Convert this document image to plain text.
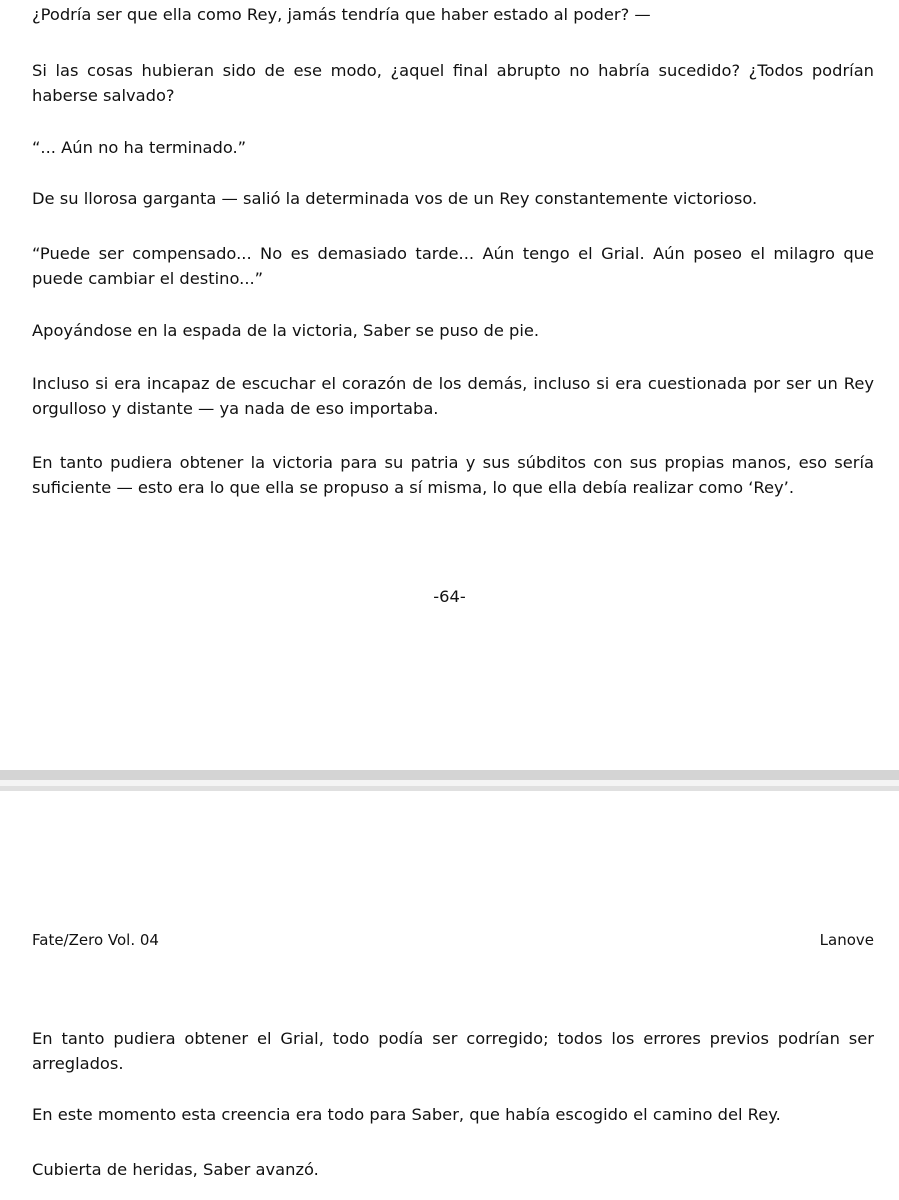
¿Podría ser que ella como Rey, jamás tendría que haber estado al poder? —

Si las cosas hubieran sido de ese modo, ¿aquel final abrupto no habría sucedido? ¿Todos podrían haberse salvado?

“... Aún no ha terminado.”

De su llorosa garganta — salió la determinada vos de un Rey constantemente victorioso.

“Puede ser compensado... No es demasiado tarde... Aún tengo el Grial. Aún poseo el milagro que puede cambiar el destino...”

Apoyándose en la espada de la victoria, Saber se puso de pie.

Incluso si era incapaz de escuchar el corazón de los demás, incluso si era cuestionada por ser un Rey orgulloso y distante — ya nada de eso importaba.

En tanto pudiera obtener la victoria para su patria y sus súbditos con sus propias manos, eso sería suficiente — esto era lo que ella se propuso a sí misma, lo que ella debía realizar como ‘Rey’.

-64-
Fate/Zero Vol. 04	Lanove

En tanto pudiera obtener el Grial, todo podía ser corregido; todos los errores previos podrían ser arreglados.

En este momento esta creencia era todo para Saber, que había escogido el camino del Rey.

Cubierta de heridas, Saber avanzó.
